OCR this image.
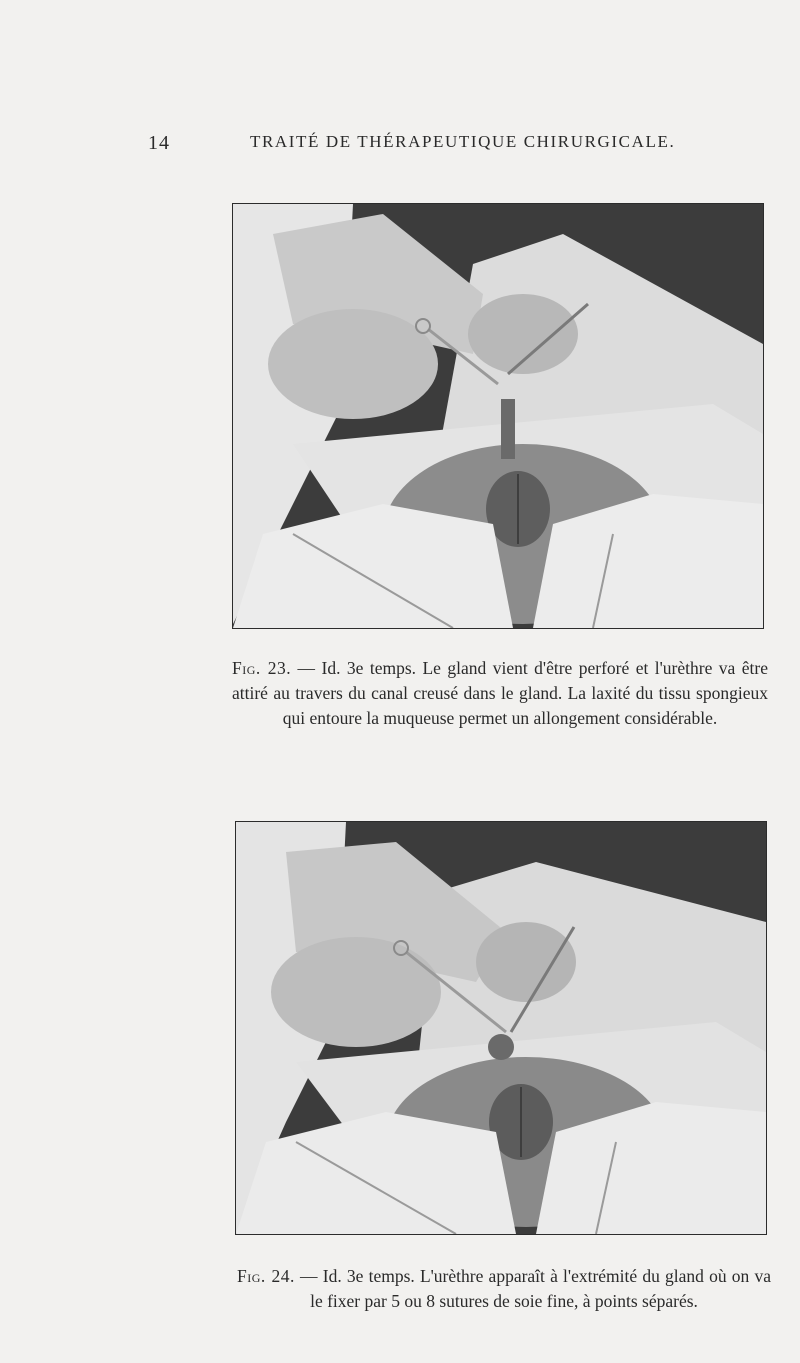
14	TRAITÉ DE THÉRAPEUTIQUE CHIRURGICALE.
Fig. 23. — Id. 3e temps. Le gland vient d'être perforé et l'urèthre va être attiré au travers du canal creusé dans le gland. La laxité du tissu spongieux qui entoure la muqueuse permet un allongement considérable.
Fig. 24. — Id. 3e temps. L'urèthre apparaît à l'extrémité du gland où on va le fixer par 5 ou 8 sutures de soie fine, à points séparés.
